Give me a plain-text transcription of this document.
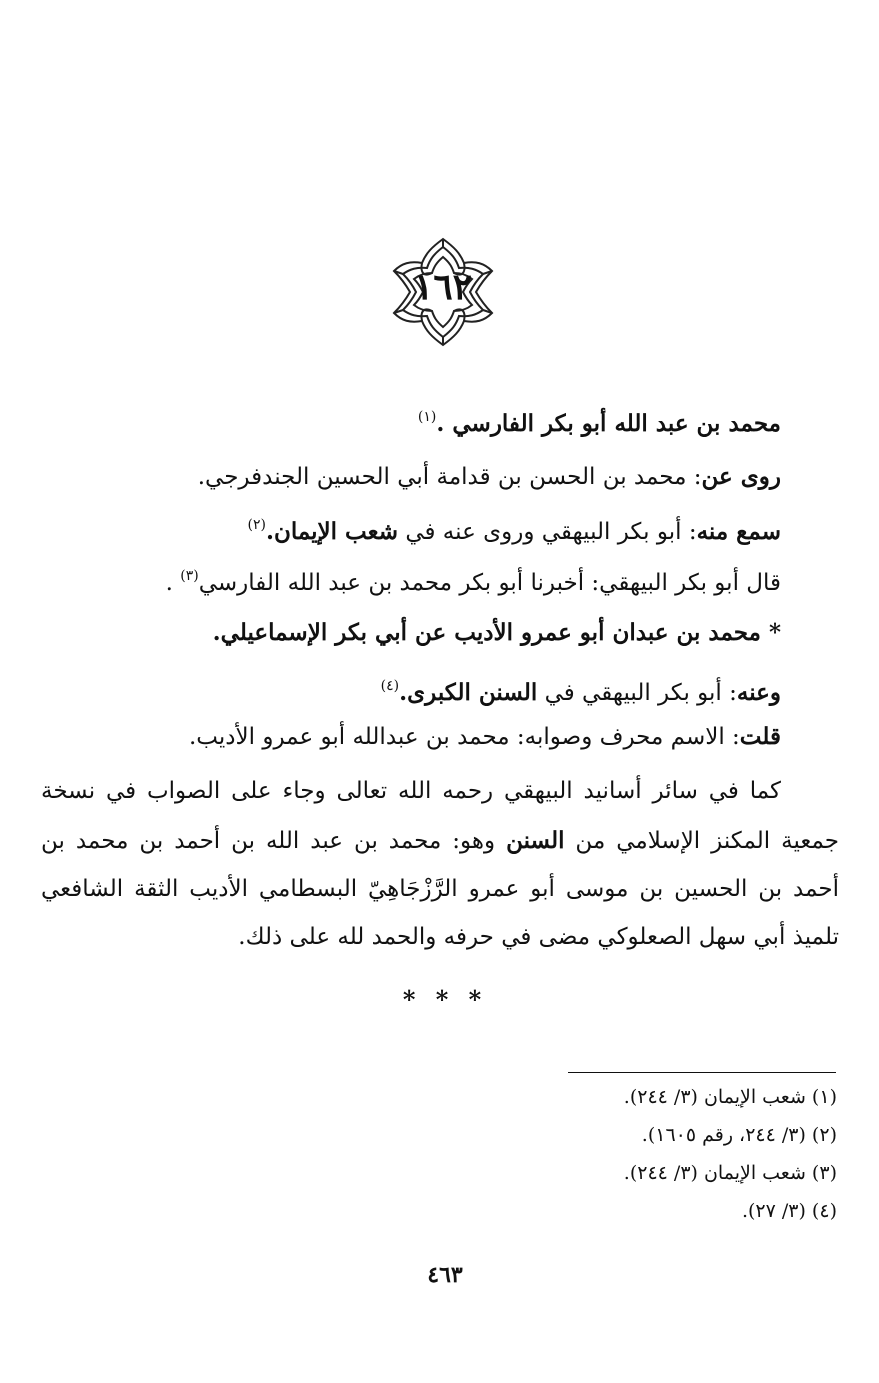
١٦٢
محمد بن عبد الله أبو بكر الفارسي .$^{(١)}$
روى عن: محمد بن الحسن بن قدامة أبي الحسين الجندفرجي.
سمع منه: أبو بكر البيهقي وروى عنه في شعب الإيمان.$^{(٢)}$
قال أبو بكر البيهقي: أخبرنا أبو بكر محمد بن عبد الله الفارسي$^{(٣)}$ .
* محمد بن عبدان أبو عمرو الأديب عن أبي بكر الإسماعيلي.
وعنه: أبو بكر البيهقي في السنن الكبرى.$^{(٤)}$
قلت: الاسم محرف وصوابه: محمد بن عبدالله أبو عمرو الأديب.
كما في سائر أسانيد البيهقي رحمه الله تعالى وجاء على الصواب في نسخة
جمعية المكنز الإسلامي من السنن وهو: محمد بن عبد الله بن أحمد بن محمد بن
أحمد بن الحسين بن موسى أبو عمرو الرَّزْجَاهِيّ البسطامي الأديب الثقة الشافعي
تلميذ أبي سهل الصعلوكي مضى في حرفه والحمد لله على ذلك.
* * *
(١) شعب الإيمان (٣/ ٢٤٤).
(٢) (٣/ ٢٤٤، رقم ١٦٠٥).
(٣) شعب الإيمان (٣/ ٢٤٤).
(٤) (٣/ ٢٧).
٤٦٣
